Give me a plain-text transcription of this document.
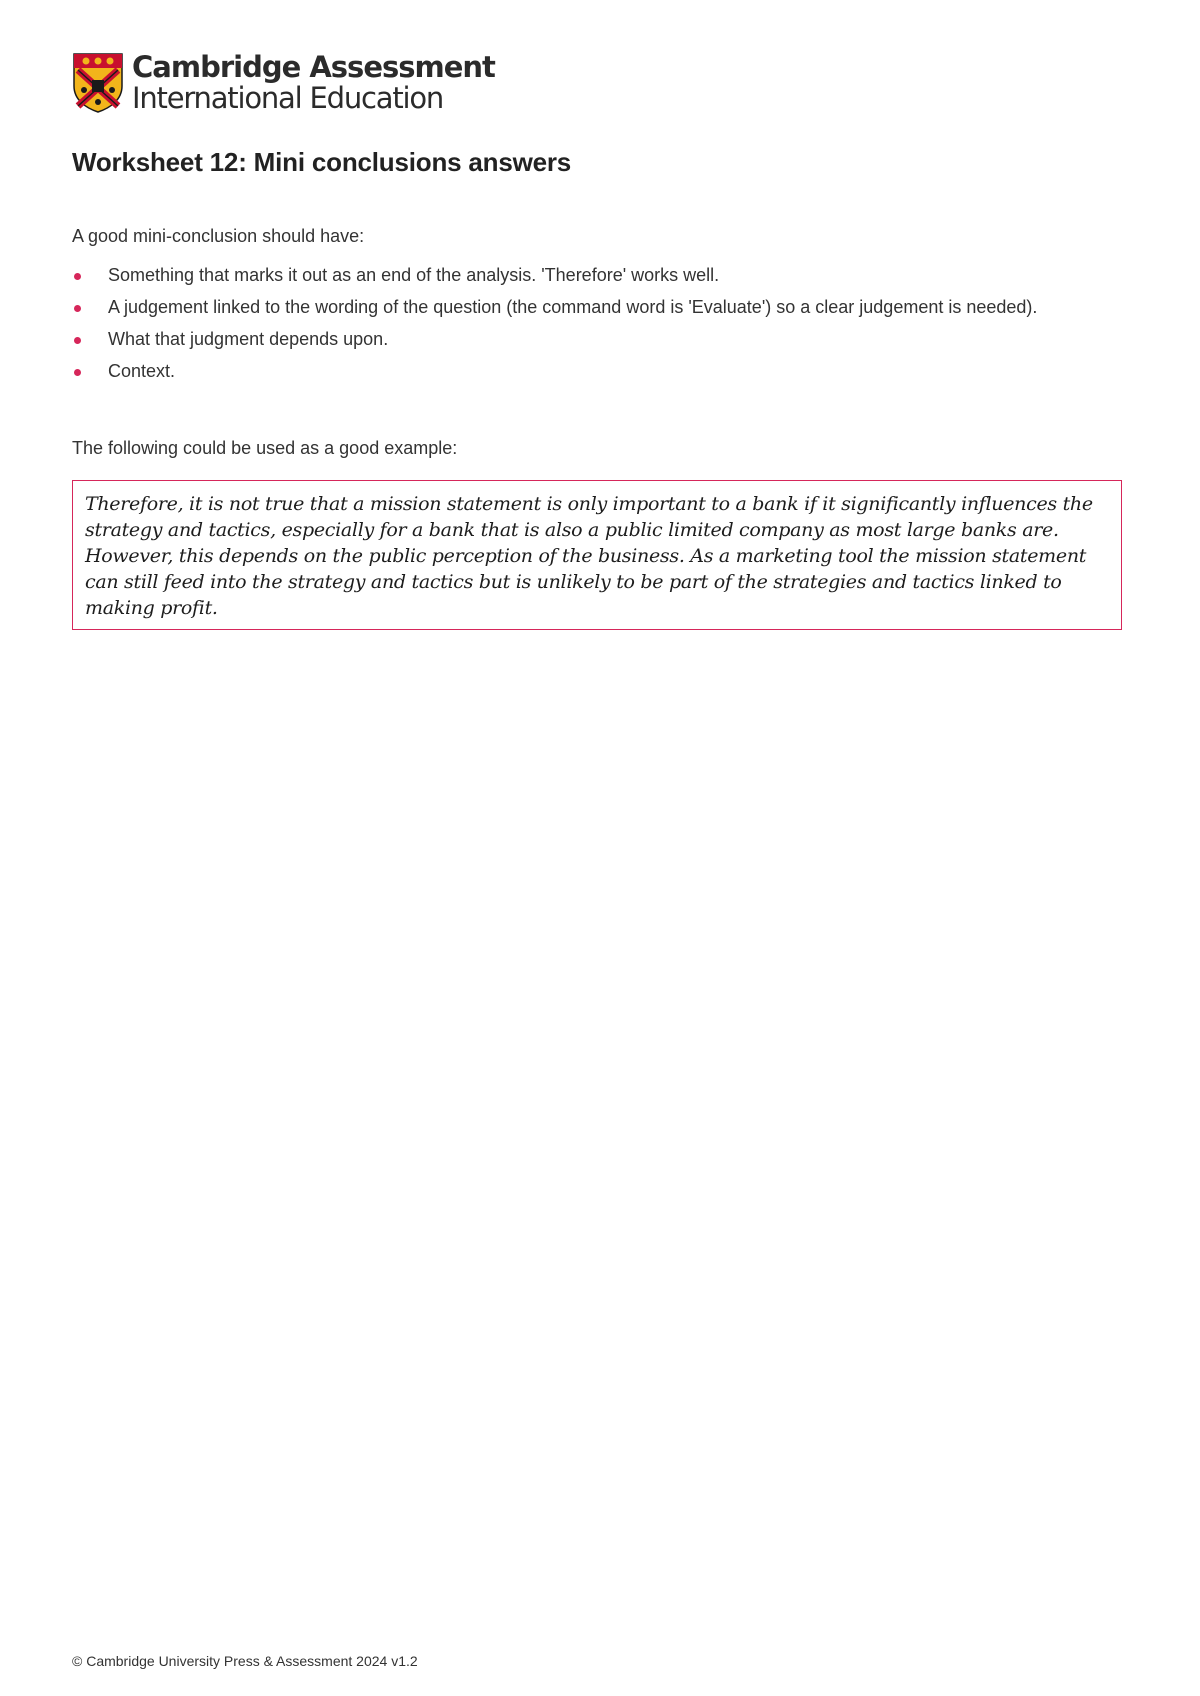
Cambridge Assessment
International Education
Worksheet 12: Mini conclusions answers

A good mini-conclusion should have:

Something that marks it out as an end of the analysis. 'Therefore' works well.
A judgement linked to the wording of the question (the command word is 'Evaluate') so a clear judgement is needed).
What that judgment depends upon.
Context.

The following could be used as a good example:

Therefore, it is not true that a mission statement is only important to a bank if it significantly influences the strategy and tactics, especially for a bank that is also a public limited company as most large banks are. However, this depends on the public perception of the business. As a marketing tool the mission statement can still feed into the strategy and tactics but is unlikely to be part of the strategies and tactics linked to making profit.

© Cambridge University Press & Assessment 2024 v1.2
